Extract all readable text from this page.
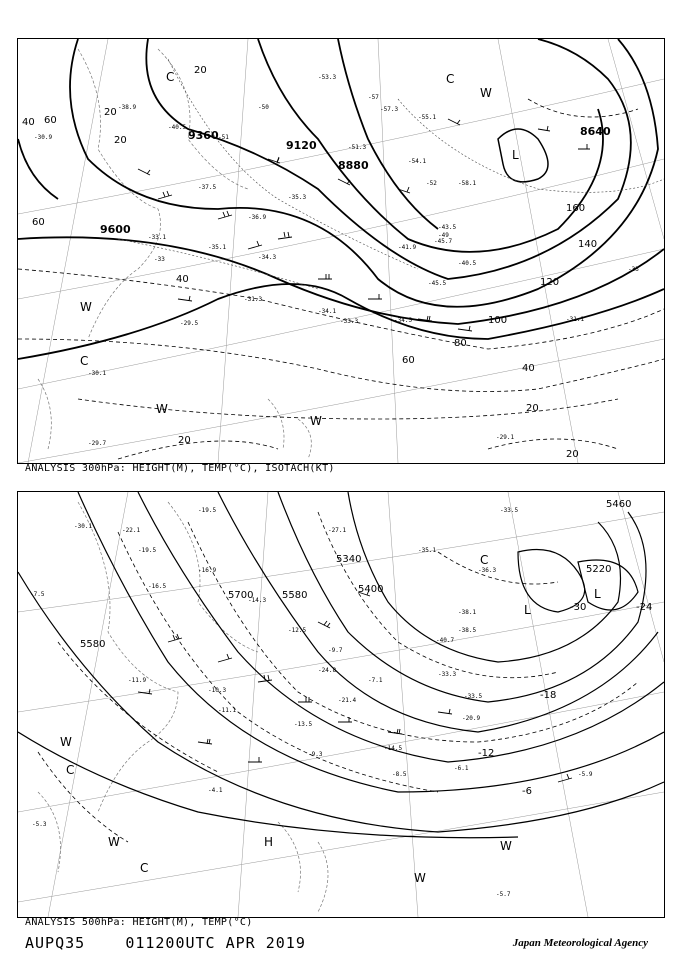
-38.9
-40.5
-51
-50
-53.3
-57
-55.1
-51.3
-43.5
-41.9
-37.5
-36.9
-35.3
-33.1
9600
9120
8640
8880
9360
160
140
120
100
80
60
40
20
40
60
20
20
20
20
40 60
20
L
C	C
W
W
W
W
C
-33
-35.1
-34.3
-31.3
-34.1
-33.3	-34.5	-31.1
-45.7
-57.3
-54.1
-58.1
-52
-29.1
-30.1
-29.7
-29.5
-33
-30.9
-45.5
-49
-40.5
ANALYSIS 300hPa: HEIGHT(M), TEMP(°C), ISOTACH(KT)
-19.5
-16.9
-14.3
-12.5
-9.7
-7.1
-35.1
-36.3
-38.5
-10.3
5460
5220
5400
5700	5580
5340
5580
-30	-24
-18
-12
-6
L
L
C
C
C
W
W
W
H	W
-33.5
-38.1
-40.7
-33.3
-33.5
-20.9
-14.5
-8.5
-6.1
-5.7
-5.9
-27.1
-24.8
-21.4
-19.5
-13.5
-9.3
-11.1
-4.1
-5.3
-7.5
-11.9
-16.5
-22.1
-30.1
ANALYSIS 500hPa: HEIGHT(M), TEMP(°C)
AUPQ35	011200UTC APR 2019	Japan Meteorological Agency
